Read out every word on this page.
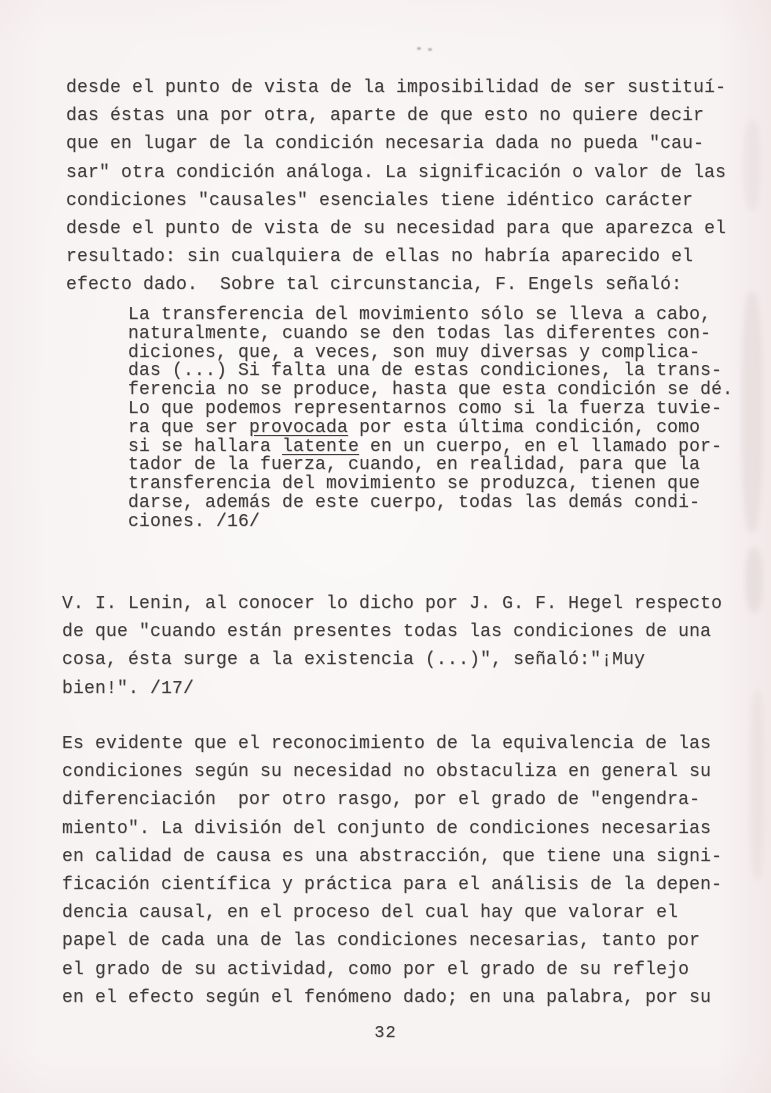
desde el punto de vista de la imposibilidad de ser sustituí-
das éstas una por otra, aparte de que esto no quiere decir
que en lugar de la condición necesaria dada no pueda "cau-
sar" otra condición análoga. La significación o valor de las
condiciones "causales" esenciales tiene idéntico carácter
desde el punto de vista de su necesidad para que aparezca el
resultado: sin cualquiera de ellas no habría aparecido el
efecto dado.  Sobre tal circunstancia, F. Engels señaló:
La transferencia del movimiento sólo se lleva a cabo,
naturalmente, cuando se den todas las diferentes con-
diciones, que, a veces, son muy diversas y complica-
das (...) Si falta una de estas condiciones, la trans-
ferencia no se produce, hasta que esta condición se dé.
Lo que podemos representarnos como si la fuerza tuvie-
ra que ser provocada por esta última condición, como
si se hallara latente en un cuerpo, en el llamado por-
tador de la fuerza, cuando, en realidad, para que la
transferencia del movimiento se produzca, tienen que
darse, además de este cuerpo, todas las demás condi-
ciones. /16/
V. I. Lenin, al conocer lo dicho por J. G. F. Hegel respecto
de que "cuando están presentes todas las condiciones de una
cosa, ésta surge a la existencia (...)", señaló:"¡Muy
bien!". /17/
Es evidente que el reconocimiento de la equivalencia de las
condiciones según su necesidad no obstaculiza en general su
diferenciación  por otro rasgo, por el grado de "engendra-
miento". La división del conjunto de condiciones necesarias
en calidad de causa es una abstracción, que tiene una signi-
ficación científica y práctica para el análisis de la depen-
dencia causal, en el proceso del cual hay que valorar el
papel de cada una de las condiciones necesarias, tanto por
el grado de su actividad, como por el grado de su reflejo
en el efecto según el fenómeno dado; en una palabra, por su
32
